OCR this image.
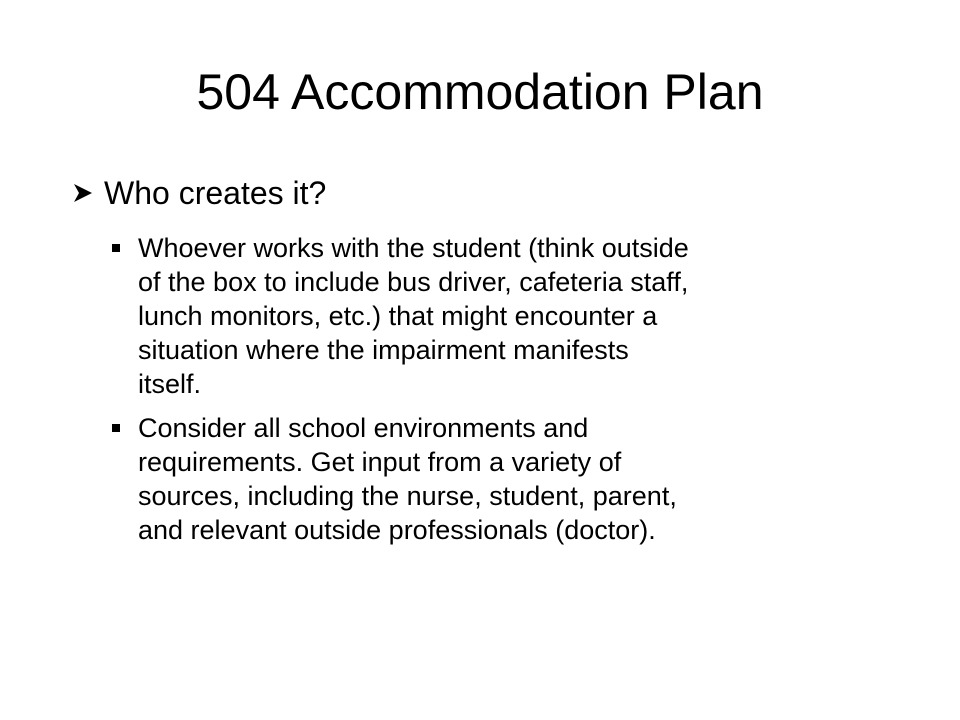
504 Accommodation Plan
Who creates it?
Whoever works with the student (think outside
of the box to include bus driver, cafeteria staff,
lunch monitors, etc.) that might encounter a
situation where the impairment manifests
itself.
Consider all school environments and
requirements. Get input from a variety of
sources, including the nurse, student, parent,
and relevant outside professionals (doctor).
